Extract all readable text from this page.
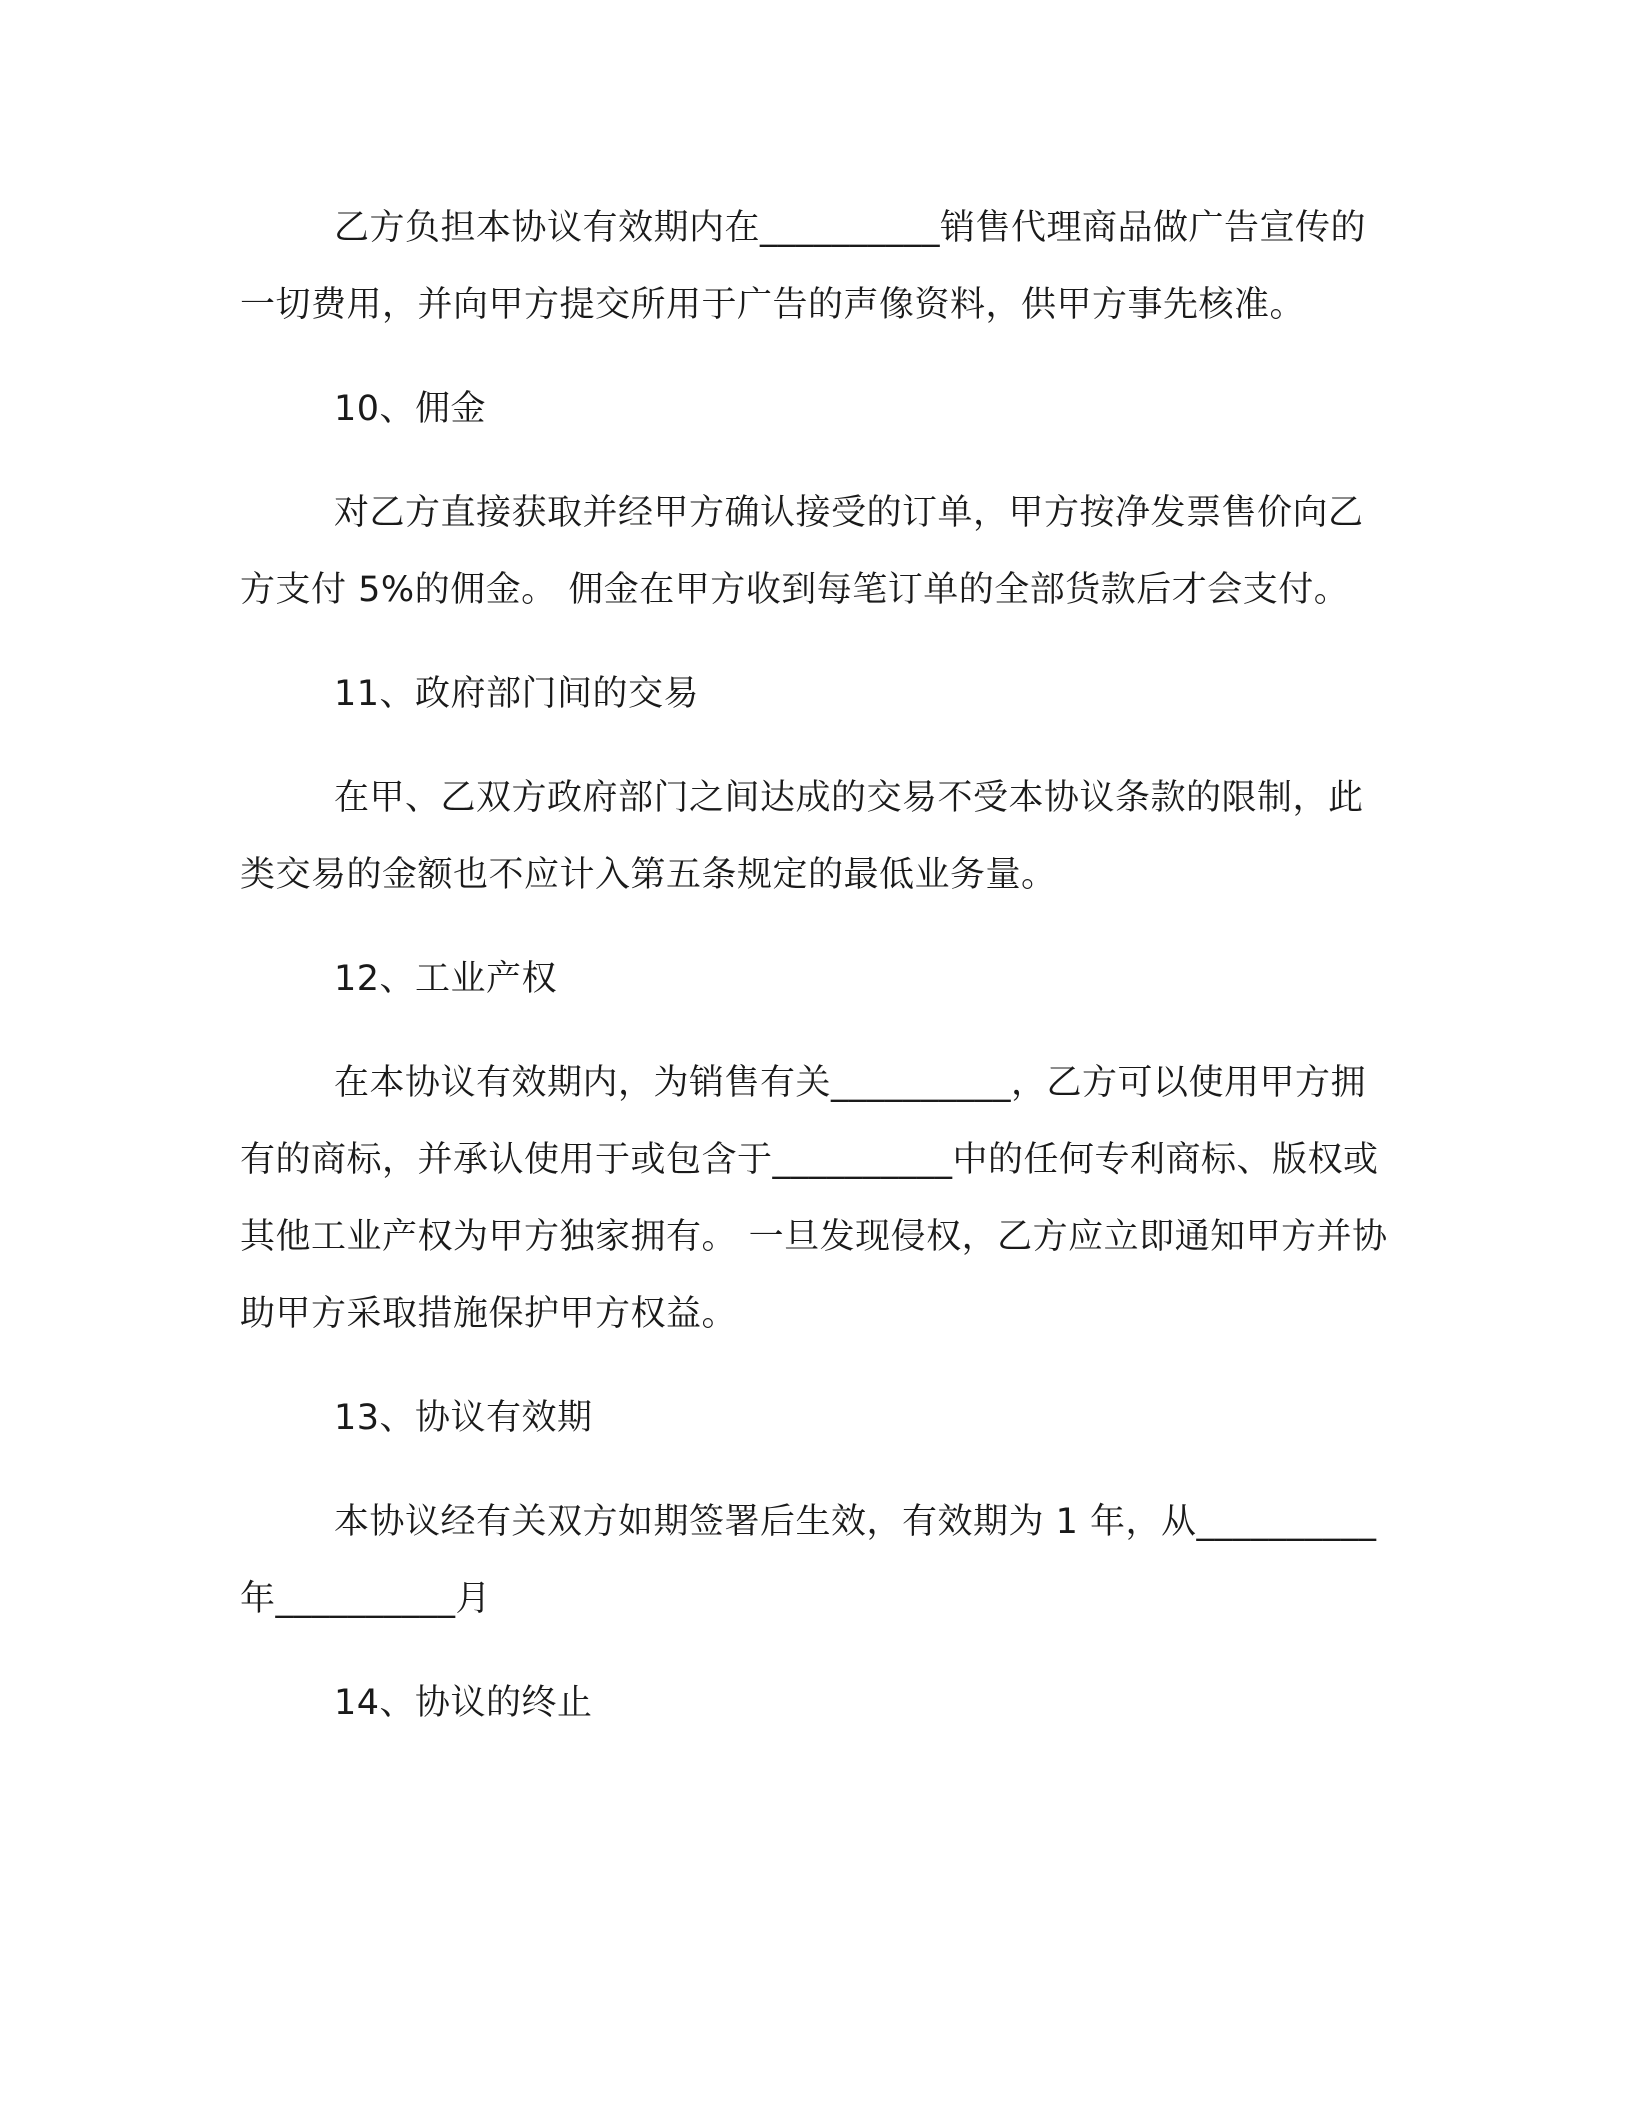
乙方负担本协议有效期内在__________销售代理商品做广告宣传的一切费用，并向甲方提交所用于广告的声像资料，供甲方事先核准。

10、佣金

对乙方直接获取并经甲方确认接受的订单，甲方按净发票售价向乙方支付 5%的佣金。 佣金在甲方收到每笔订单的全部货款后才会支付。

11、政府部门间的交易

在甲、乙双方政府部门之间达成的交易不受本协议条款的限制，此类交易的金额也不应计入第五条规定的最低业务量。

12、工业产权

在本协议有效期内，为销售有关__________，乙方可以使用甲方拥有的商标，并承认使用于或包含于__________中的任何专利商标、版权或其他工业产权为甲方独家拥有。 一旦发现侵权，乙方应立即通知甲方并协助甲方采取措施保护甲方权益。

13、协议有效期

本协议经有关双方如期签署后生效，有效期为 1 年，从__________年__________月

14、协议的终止
